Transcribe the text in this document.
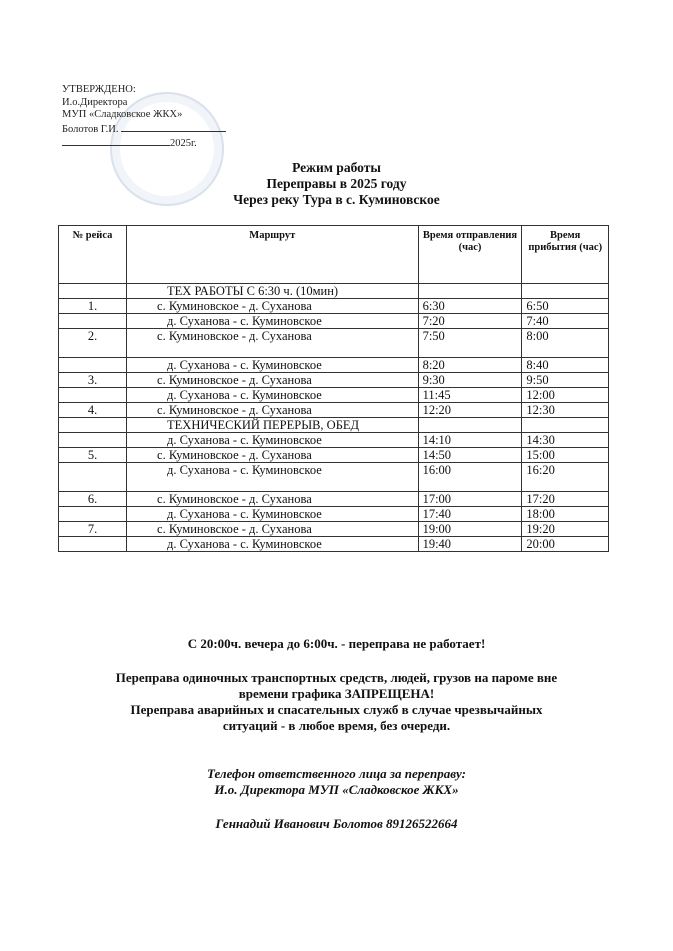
УТВЕРЖДЕНО:
И.о.Директора
МУП «Сладковское ЖКХ»
Болотов Г.И.
2025г.
Режим работы
Переправы в 2025 году
Через реку Тура в с. Куминовское
№ рейса	Маршрут	Время отправления (час)	Время прибытия (час)
	ТЕХ РАБОТЫ С 6:30 ч. (10мин)		
1.	с. Куминовское - д. Суханова	6:30	6:50
	д. Суханова - с. Куминовское	7:20	7:40
2.	с. Куминовское - д. Суханова	7:50	8:00
	д. Суханова - с. Куминовское	8:20	8:40
3.	с. Куминовское - д. Суханова	9:30	9:50
	д. Суханова - с. Куминовское	11:45	12:00
4.	с. Куминовское - д. Суханова	12:20	12:30
	ТЕХНИЧЕСКИЙ ПЕРЕРЫВ, ОБЕД		
	д. Суханова - с. Куминовское	14:10	14:30
5.	с. Куминовское - д. Суханова	14:50	15:00
	д. Суханова - с. Куминовское	16:00	16:20
6.	с. Куминовское - д. Суханова	17:00	17:20
	д. Суханова - с. Куминовское	17:40	18:00
7.	с. Куминовское - д. Суханова	19:00	19:20
	д. Суханова - с. Куминовское	19:40	20:00

С 20:00ч. вечера до 6:00ч. - переправа не работает!

Переправа одиночных транспортных средств, людей, грузов на пароме вне

времени графика ЗАПРЕЩЕНА!

Переправа аварийных и спасательных служб в случае чрезвычайных

ситуаций - в любое время, без очереди.

Телефон ответственного лица за переправу:

И.о. Директора МУП «Сладковское ЖКХ»

Геннадий Иванович Болотов 89126522664
